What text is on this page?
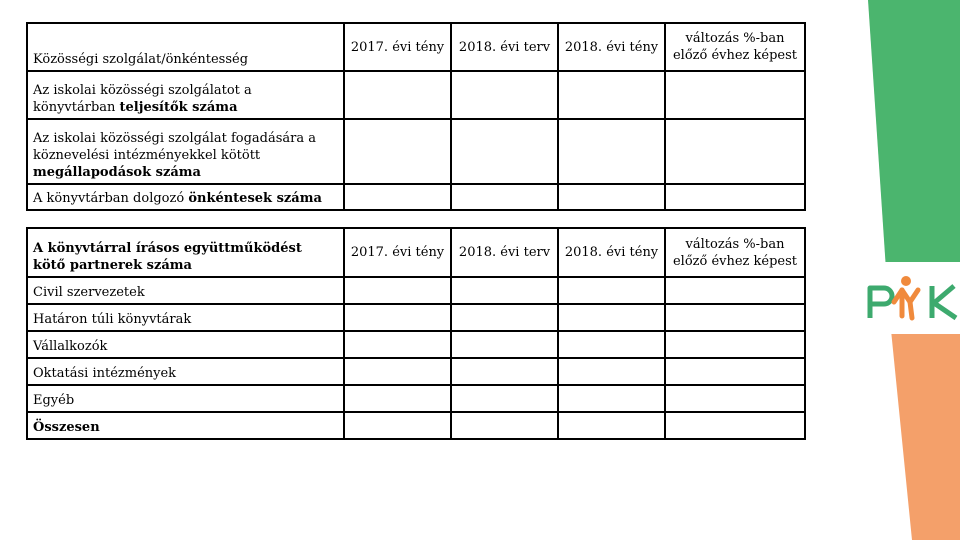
Közösségi szolgálat/önkéntesség	2017. évi tény	2018. évi terv	2018. évi tény	változás %-ban előző évhez képest
Az iskolai közösségi szolgálatot a könyvtárban teljesítők száma				
Az iskolai közösségi szolgálat fogadására a köznevelési intézményekkel kötött megállapodások száma				
A könyvtárban dolgozó önkéntesek száma				
A könyvtárral írásos együttműködést kötő partnerek száma	2017. évi tény	2018. évi terv	2018. évi tény	változás %-ban előző évhez képest
Civil szervezetek				
Határon túli könyvtárak				
Vállalkozók				
Oktatási intézmények				
Egyéb				
Összesen				
